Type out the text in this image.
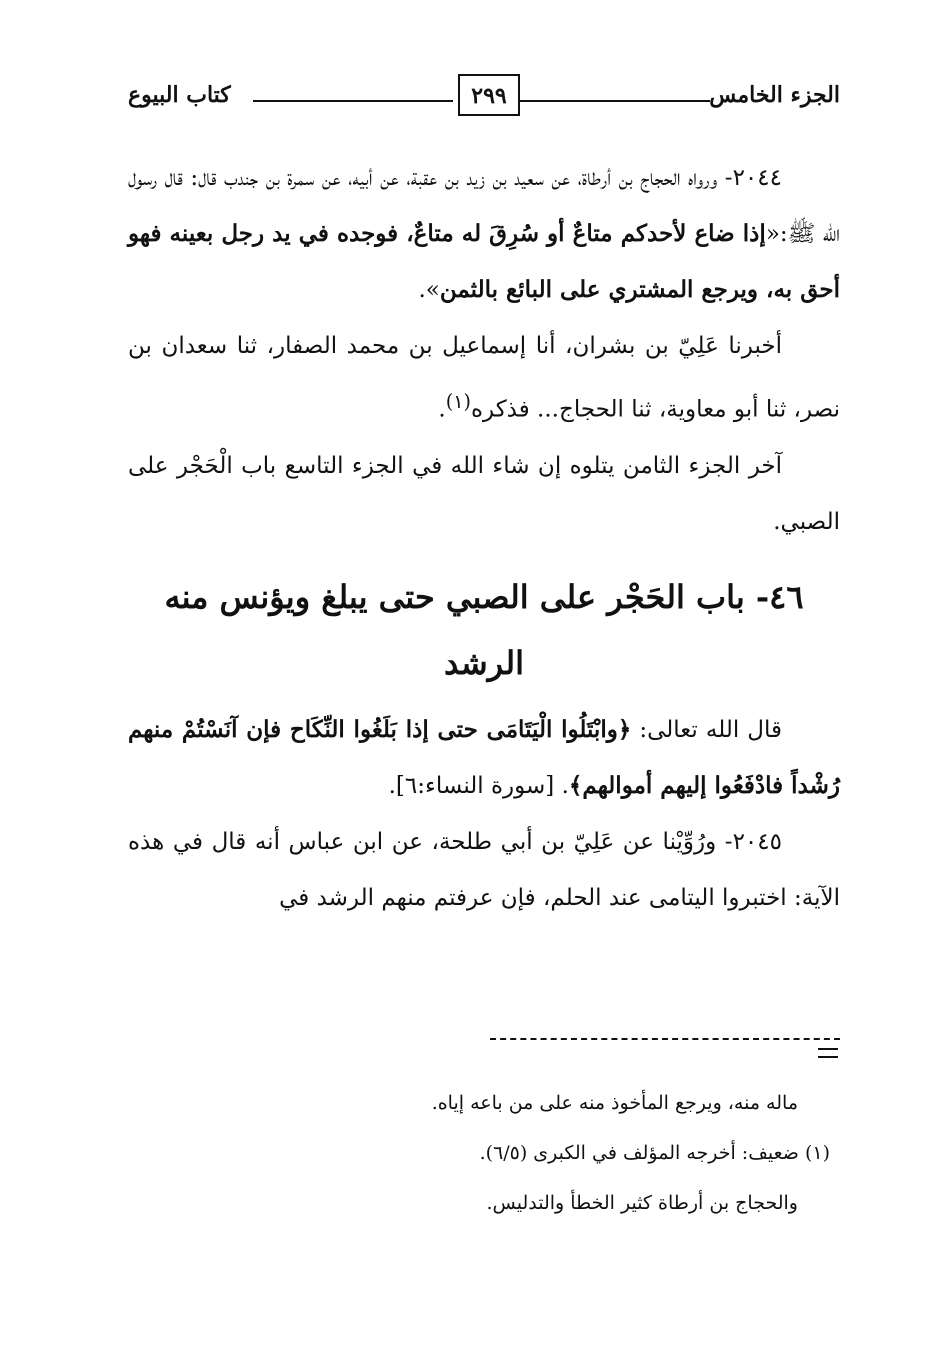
الجزء الخامس
٢٩٩
كتاب البيوع

٢٠٤٤- ورواه الحجاج بن أرطاة، عن سعيد بن زيد بن عقبة، عن أبيه، عن سمرة بن جندب قال: قال رسول الله ﷺ:«إذا ضاع لأحدكم متاعٌ أو سُرِقَ له متاعٌ، فوجده في يد رجل بعينه فهو أحق به، ويرجع المشتري على البائع بالثمن».

أخبرنا عَلِيّ بن بشران، أنا إسماعيل بن محمد الصفار، ثنا سعدان بن نصر، ثنا أبو معاوية، ثنا الحجاج... فذكره$^{(١)}$.

آخر الجزء الثامن يتلوه إن شاء الله في الجزء التاسع باب الْحَجْر على الصبي.

٤٦- باب الحَجْر على الصبي حتى يبلغ ويؤنس منه الرشد

قال الله تعالى: ﴿وابْتَلُوا الْيَتَامَى حتى إذا بَلَغُوا النِّكَاح فإن آنَسْتُمْ منهم رُشْداً فادْفَعُوا إليهم أموالهم﴾. [سورة النساء:٦].

٢٠٤٥- ورُوِّيْنا عن عَلِيّ بن أبي طلحة، عن ابن عباس أنه قال في هذه الآية: اختبروا اليتامى عند الحلم، فإن عرفتم منهم الرشد في

ماله منه، ويرجع المأخوذ منه على من باعه إياه.

(١) ضعيف: أخرجه المؤلف في الكبرى (٦/٥).

والحجاج بن أرطاة كثير الخطأ والتدليس.
